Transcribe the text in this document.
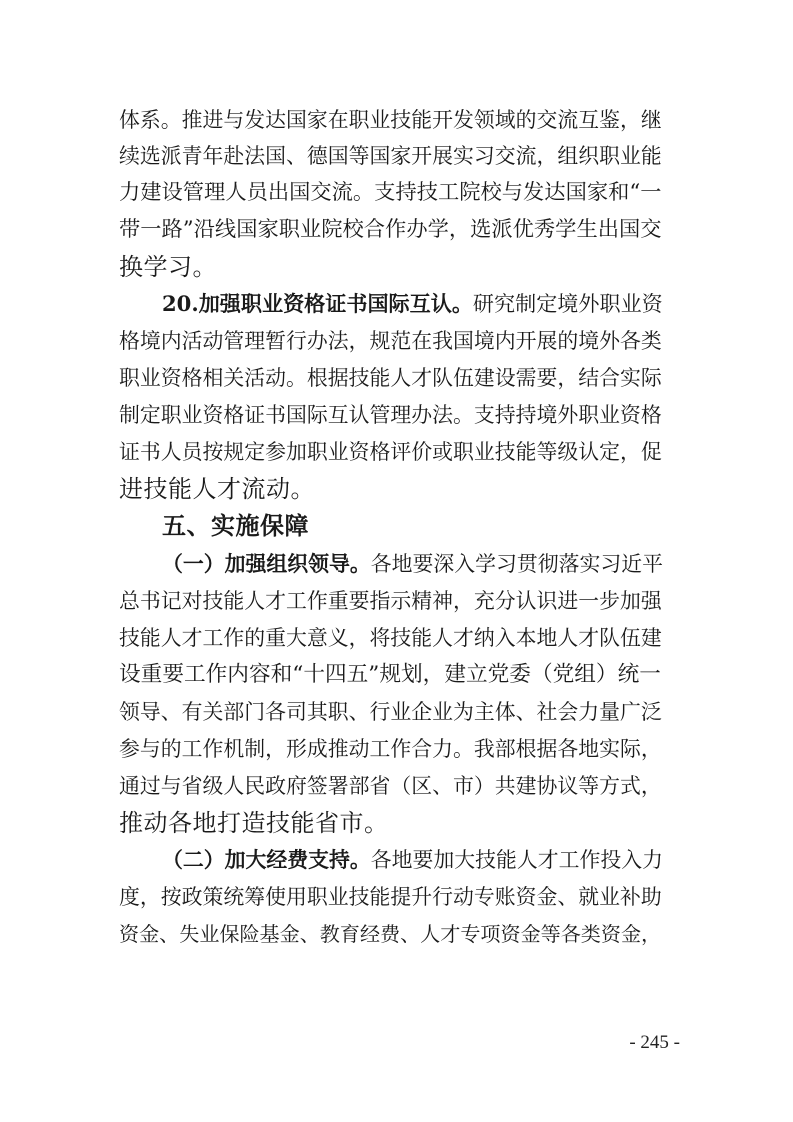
体系。推进与发达国家在职业技能开发领域的交流互鉴，继
续选派青年赴法国、德国等国家开展实习交流，组织职业能
力建设管理人员出国交流。支持技工院校与发达国家和“一
带一路”沿线国家职业院校合作办学，选派优秀学生出国交
换学习。
20.加强职业资格证书国际互认。研究制定境外职业资
格境内活动管理暂行办法，规范在我国境内开展的境外各类
职业资格相关活动。根据技能人才队伍建设需要，结合实际
制定职业资格证书国际互认管理办法。支持持境外职业资格
证书人员按规定参加职业资格评价或职业技能等级认定，促
进技能人才流动。
五、实施保障
（一）加强组织领导。各地要深入学习贯彻落实习近平
总书记对技能人才工作重要指示精神，充分认识进一步加强
技能人才工作的重大意义，将技能人才纳入本地人才队伍建
设重要工作内容和“十四五”规划，建立党委（党组）统一
领导、有关部门各司其职、行业企业为主体、社会力量广泛
参与的工作机制，形成推动工作合力。我部根据各地实际，
通过与省级人民政府签署部省（区、市）共建协议等方式，
推动各地打造技能省市。
（二）加大经费支持。各地要加大技能人才工作投入力
度，按政策统筹使用职业技能提升行动专账资金、就业补助
资金、失业保险基金、教育经费、人才专项资金等各类资金，
- 245 -
